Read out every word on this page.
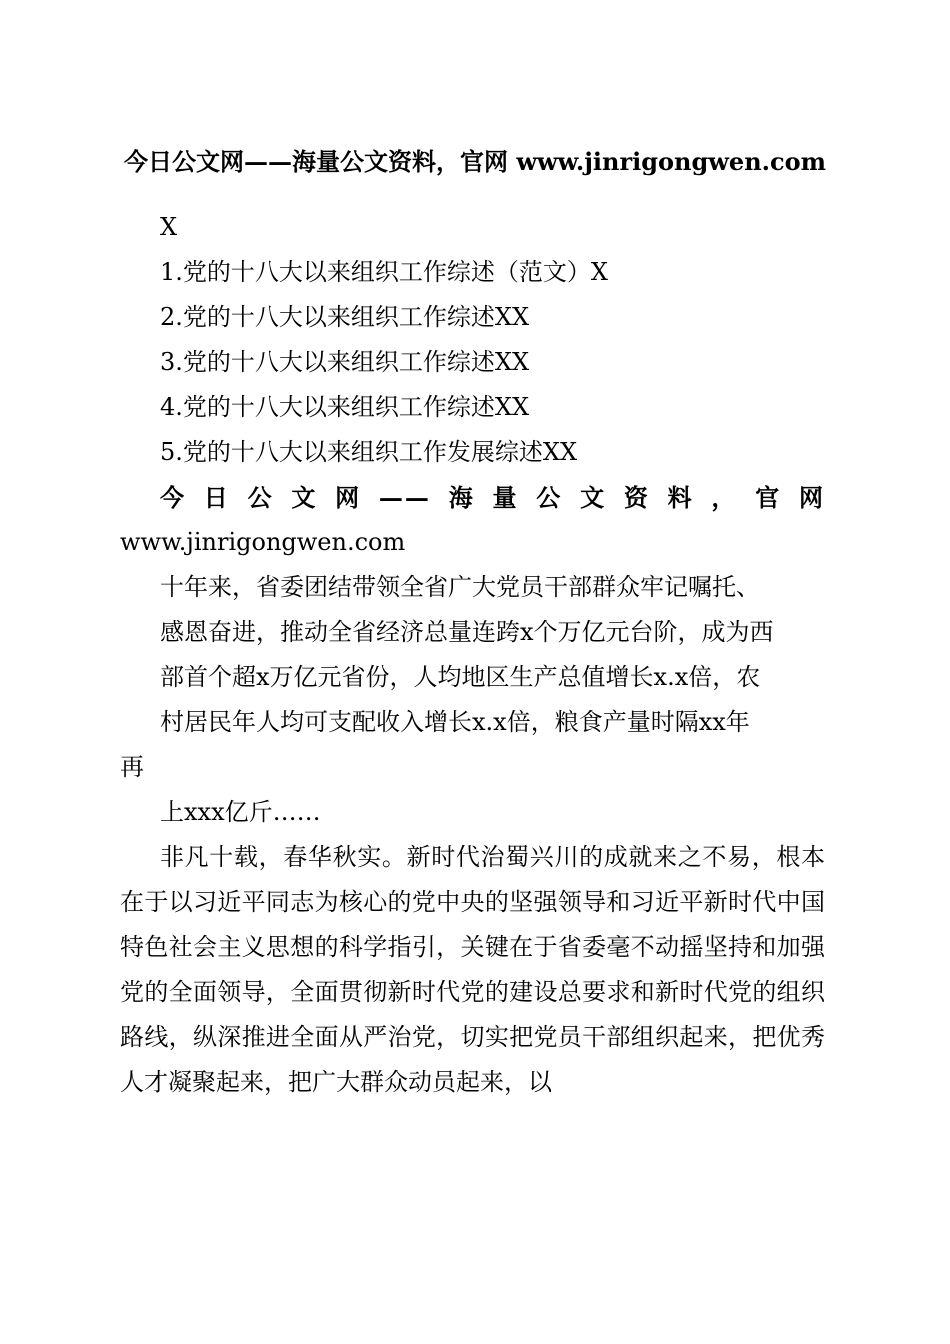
今日公文网——海量公文资料，官网 www.jinrigongwen.com
X
1.党的十八大以来组织工作综述（范文）X
2.党的十八大以来组织工作综述XX
3.党的十八大以来组织工作综述XX
4.党的十八大以来组织工作综述XX
5.党的十八大以来组织工作发展综述XX
今日公文网——海量公文资料，官网
www.jinrigongwen.com
十年来，省委团结带领全省广大党员干部群众牢记嘱托、
感恩奋进，推动全省经济总量连跨x个万亿元台阶，成为西
部首个超x万亿元省份，人均地区生产总值增长x.x倍，农
村居民年人均可支配收入增长x.x倍，粮食产量时隔xx年
再
上xxx亿斤……

非凡十载，春华秋实。新时代治蜀兴川的成就来之不易，根本在于以习近平同志为核心的党中央的坚强领导和习近平新时代中国特色社会主义思想的科学指引，关键在于省委毫不动摇坚持和加强党的全面领导，全面贯彻新时代党的建设总要求和新时代党的组织路线，纵深推进全面从严治党，切实把党员干部组织起来，把优秀人才凝聚起来，把广大群众动员起来，以
